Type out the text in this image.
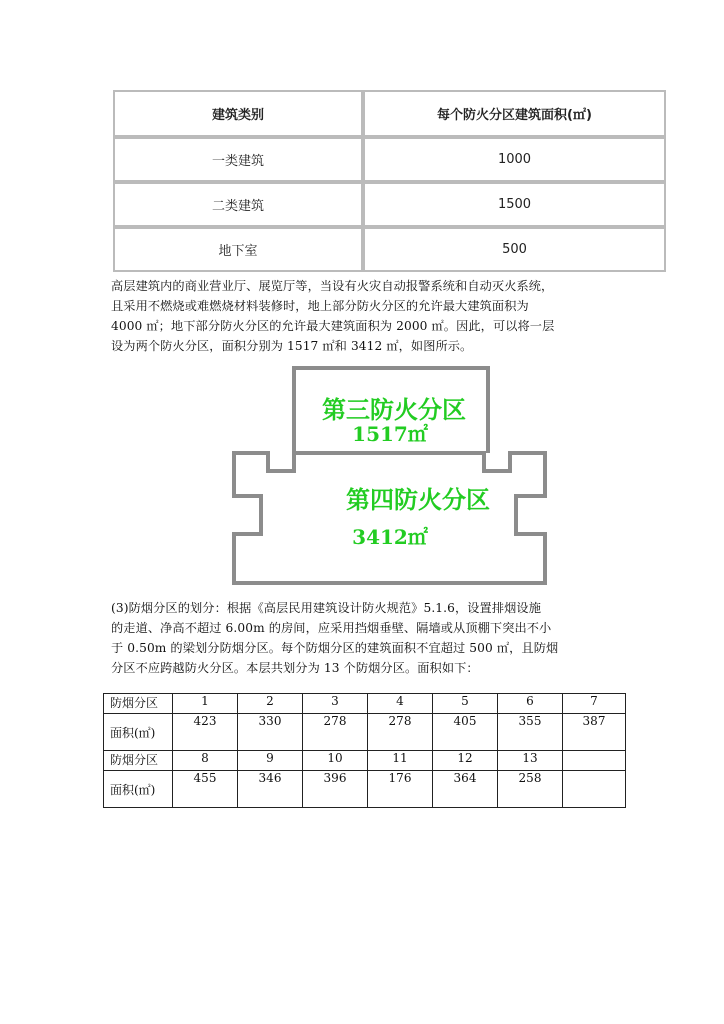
建筑类别	每个防火分区建筑面积(㎡)
一类建筑	1000
二类建筑	1500
地下室	500
高层建筑内的商业营业厅、展览厅等，当设有火灾自动报警系统和自动灭火系统，
且采用不燃烧或难燃烧材料装修时，地上部分防火分区的允许最大建筑面积为
4000 ㎡；地下部分防火分区的允许最大建筑面积为 2000 ㎡。因此，可以将一层
设为两个防火分区，面积分别为 1517 ㎡和 3412 ㎡，如图所示。
第三防火分区
1517㎡
第四防火分区
3412㎡
(3)防烟分区的划分：根据《高层民用建筑设计防火规范》5.1.6，设置排烟设施
的走道、净高不超过 6.00m 的房间，应采用挡烟垂壁、隔墙或从顶棚下突出不小
于 0.50m 的梁划分防烟分区。每个防烟分区的建筑面积不宜超过 500 ㎡，且防烟
分区不应跨越防火分区。本层共划分为 13 个防烟分区。面积如下：
防烟分区	1	2	3	4	5	6	7
面积(㎡)	423	330	278	278	405	355	387
防烟分区	8	9	10	11	12	13	
面积(㎡)	455	346	396	176	364	258	
